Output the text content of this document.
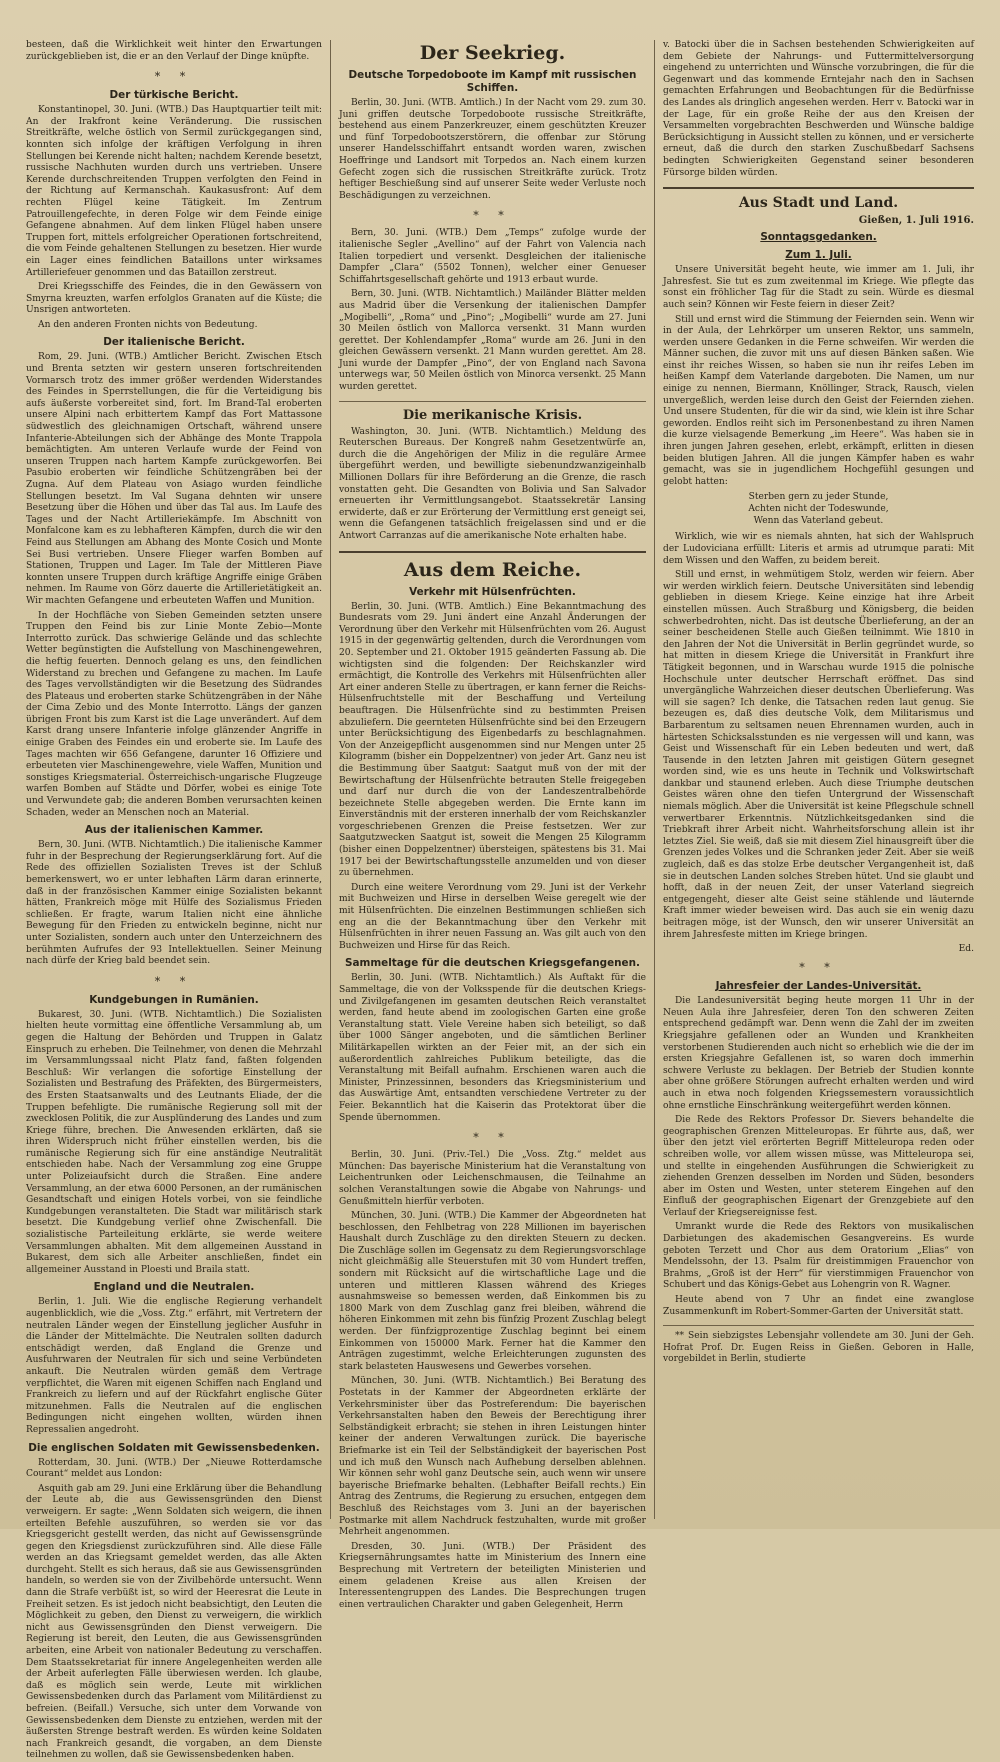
besteen, daß die Wirklichkeit weit hinter den Erwartungen zurückgeblieben ist, die er an den Verlauf der Dinge knüpfte.

* *
Der türkische Bericht.

Konstantinopel, 30. Juni. (WTB.) Das Hauptquartier teilt mit: An der Irakfront keine Veränderung. Die russischen Streitkräfte, welche östlich von Sermil zurückgegangen sind, konnten sich infolge der kräftigen Verfolgung in ihren Stellungen bei Kerende nicht halten; nachdem Kerende besetzt, russische Nachhuten wurden durch uns vertrieben. Unsere Kerende durchschreitenden Truppen verfolgten den Feind in der Richtung auf Kermanschah. Kaukasusfront: Auf dem rechten Flügel keine Tätigkeit. Im Zentrum Patrouillengefechte, in deren Folge wir dem Feinde einige Gefangene abnahmen. Auf dem linken Flügel haben unsere Truppen fort, mittels erfolgreicher Operationen fortschreitend, die vom Feinde gehaltenen Stellungen zu besetzen. Hier wurde ein Lager eines feindlichen Bataillons unter wirksames Artilleriefeuer genommen und das Bataillon zerstreut.

Drei Kriegsschiffe des Feindes, die in den Gewässern von Smyrna kreuzten, warfen erfolglos Granaten auf die Küste; die Unsrigen antworteten.

An den anderen Fronten nichts von Bedeutung.

Der italienische Bericht.

Rom, 29. Juni. (WTB.) Amtlicher Bericht. Zwischen Etsch und Brenta setzten wir gestern unseren fortschreitenden Vormarsch trotz des immer größer werdenden Widerstandes des Feindes in Sperrstellungen, die für die Verteidigung bis aufs äußerste vorbereitet sind, fort. Im Brand-Tal eroberten unsere Alpini nach erbittertem Kampf das Fort Mattassone südwestlich des gleichnamigen Ortschaft, während unsere Infanterie-Abteilungen sich der Abhänge des Monte Trappola bemächtigten. Am unteren Verlaufe wurde der Feind von unseren Truppen nach hartem Kampfe zurückgeworfen. Bei Pasubio eroberten wir feindliche Schützengräben bei der Zugna. Auf dem Plateau von Asiago wurden feindliche Stellungen besetzt. Im Val Sugana dehnten wir unsere Besetzung über die Höhen und über das Tal aus. Im Laufe des Tages und der Nacht Artilleriekämpfe. Im Abschnitt von Monfalcone kam es zu lebhafteren Kämpfen, durch die wir den Feind aus Stellungen am Abhang des Monte Cosich und Monte Sei Busi vertrieben. Unsere Flieger warfen Bomben auf Stationen, Truppen und Lager. Im Tale der Mittleren Piave konnten unsere Truppen durch kräftige Angriffe einige Gräben nehmen. Im Raume von Görz dauerte die Artillerietätigkeit an. Wir machten Gefangene und erbeuteten Waffen und Munition.

In der Hochfläche von Sieben Gemeinden setzten unsere Truppen den Feind bis zur Linie Monte Zebio—Monte Interrotto zurück. Das schwierige Gelände und das schlechte Wetter begünstigten die Aufstellung von Maschinengewehren, die heftig feuerten. Dennoch gelang es uns, den feindlichen Widerstand zu brechen und Gefangene zu machen. Im Laufe des Tages vervollständigten wir die Besetzung des Südrandes des Plateaus und eroberten starke Schützengräben in der Nähe der Cima Zebio und des Monte Interrotto. Längs der ganzen übrigen Front bis zum Karst ist die Lage unverändert. Auf dem Karst drang unsere Infanterie infolge glänzender Angriffe in einige Graben des Feindes ein und eroberte sie. Im Laufe des Tages machten wir 656 Gefangene, darunter 16 Offiziere und erbeuteten vier Maschinengewehre, viele Waffen, Munition und sonstiges Kriegsmaterial. Österreichisch-ungarische Flugzeuge warfen Bomben auf Städte und Dörfer, wobei es einige Tote und Verwundete gab; die anderen Bomben verursachten keinen Schaden, weder an Menschen noch an Material.

Aus der italienischen Kammer.

Bern, 30. Juni. (WTB. Nichtamtlich.) Die italienische Kammer fuhr in der Besprechung der Regierungserklärung fort. Auf die Rede des offiziellen Sozialisten Treves ist der Schluß bemerkenswert, wo er unter lebhaften Lärm daran erinnerte, daß in der französischen Kammer einige Sozialisten bekannt hätten, Frankreich möge mit Hülfe des Sozialismus Frieden schließen. Er fragte, warum Italien nicht eine ähnliche Bewegung für den Frieden zu entwickeln beginne, nicht nur unter Sozialisten, sondern auch unter den Unterzeichnern des berühmten Aufrufes der 93 Intellektuellen. Seiner Meinung nach dürfe der Krieg bald beendet sein.

* *
Kundgebungen in Rumänien.

Bukarest, 30. Juni. (WTB. Nichtamtlich.) Die Sozialisten hielten heute vormittag eine öffentliche Versammlung ab, um gegen die Haltung der Behörden und Truppen in Galatz Einspruch zu erheben. Die Teilnehmer, von denen die Mehrzahl im Versammlungssaal nicht Platz fand, faßten folgenden Beschluß: Wir verlangen die sofortige Einstellung der Sozialisten und Bestrafung des Präfekten, des Bürgermeisters, des Ersten Staatsanwalts und des Leutnants Eliade, der die Truppen befehligte. Die rumänische Regierung soll mit der zwecklosen Politik, die zur Ausplünderung des Landes und zum Kriege führe, brechen. Die Anwesenden erklärten, daß sie ihren Widerspruch nicht früher einstellen werden, bis die rumänische Regierung sich für eine anständige Neutralität entschieden habe. Nach der Versammlung zog eine Gruppe unter Polizeiaufsicht durch die Straßen. Eine andere Versammlung, an der etwa 6000 Personen, an der rumänischen Gesandtschaft und einigen Hotels vorbei, von sie feindliche Kundgebungen veranstalteten. Die Stadt war militärisch stark besetzt. Die Kundgebung verlief ohne Zwischenfall. Die sozialistische Parteileitung erklärte, sie werde weitere Versammlungen abhalten. Mit dem allgemeinen Ausstand in Bukarest, dem sich alle Arbeiter anschließen, findet ein allgemeiner Ausstand in Ploesti und Braila statt.

England und die Neutralen.

Berlin, 1. Juli. Wie die englische Regierung verhandelt augenblicklich, wie die „Voss. Ztg.“ erfährt, mit Vertretern der neutralen Länder wegen der Einstellung jeglicher Ausfuhr in die Länder der Mittelmächte. Die Neutralen sollten dadurch entschädigt werden, daß England die Grenze und Ausfuhrwaren der Neutralen für sich und seine Verbündeten ankauft. Die Neutralen würden gemäß dem Vertrage verpflichtet, die Waren mit eigenen Schiffen nach England und Frankreich zu liefern und auf der Rückfahrt englische Güter mitzunehmen. Falls die Neutralen auf die englischen Bedingungen nicht eingehen wollten, würden ihnen Repressalien angedroht.

Die englischen Soldaten mit Gewissensbedenken.

Rotterdam, 30. Juni. (WTB.) Der „Nieuwe Rotterdamsche Courant“ meldet aus London:

Asquith gab am 29. Juni eine Erklärung über die Behandlung der Leute ab, die aus Gewissensgründen den Dienst verweigern. Er sagte: „Wenn Soldaten sich weigern, die ihnen erteilten Befehle auszuführen, so werden sie vor das Kriegsgericht gestellt werden, das nicht auf Gewissensgründe gegen den Kriegsdienst zurückzuführen sind. Alle diese Fälle werden an das Kriegsamt gemeldet werden, das alle Akten durchgeht. Stellt es sich heraus, daß sie aus Gewissensgründen handeln, so werden sie von der Zivilbehörde untersucht. Wenn dann die Strafe verbüßt ist, so wird der Heeresrat die Leute in Freiheit setzen. Es ist jedoch nicht beabsichtigt, den Leuten die Möglichkeit zu geben, den Dienst zu verweigern, die wirklich nicht aus Gewissensgründen den Dienst verweigern. Die Regierung ist bereit, den Leuten, die aus Gewissensgründen arbeiten, eine Arbeit von nationaler Bedeutung zu verschaffen. Dem Staatssekretariat für innere Angelegenheiten werden alle der Arbeit auferlegten Fälle überwiesen werden. Ich glaube, daß es möglich sein werde, Leute mit wirklichen Gewissensbedenken durch das Parlament vom Militärdienst zu befreien. (Beifall.) Versuche, sich unter dem Vorwande von Gewissensbedenken dem Dienste zu entziehen, werden mit der äußersten Strenge bestraft werden. Es würden keine Soldaten nach Frankreich gesandt, die vorgaben, an dem Dienste teilnehmen zu wollen, daß sie Gewissensbedenken haben.

Der Seekrieg.
Deutsche Torpedoboote im Kampf mit russischen Schiffen.

Berlin, 30. Juni. (WTB. Amtlich.) In der Nacht vom 29. zum 30. Juni griffen deutsche Torpedoboote russische Streitkräfte, bestehend aus einem Panzerkreuzer, einem geschützten Kreuzer und fünf Torpedobootszerstörern, die offenbar zur Störung unserer Handelsschiffahrt entsandt worden waren, zwischen Hoeffringe und Landsort mit Torpedos an. Nach einem kurzen Gefecht zogen sich die russischen Streitkräfte zurück. Trotz heftiger Beschießung sind auf unserer Seite weder Verluste noch Beschädigungen zu verzeichnen.

* *

Bern, 30. Juni. (WTB.) Dem „Temps“ zufolge wurde der italienische Segler „Avellino“ auf der Fahrt von Valencia nach Italien torpediert und versenkt. Desgleichen der italienische Dampfer „Clara“ (5502 Tonnen), welcher einer Genueser Schiffahrtsgesellschaft gehörte und 1913 erbaut wurde.

Bern, 30. Juni. (WTB. Nichtamtlich.) Mailänder Blätter melden aus Madrid über die Versenkung der italienischen Dampfer „Mogibelli“, „Roma“ und „Pino“; „Mogibelli“ wurde am 27. Juni 30 Meilen östlich von Mallorca versenkt. 31 Mann wurden gerettet. Der Kohlendampfer „Roma“ wurde am 26. Juni in den gleichen Gewässern versenkt. 21 Mann wurden gerettet. Am 28. Juni wurde der Dampfer „Pino“, der von England nach Savona unterwegs war, 50 Meilen östlich von Minorca versenkt. 25 Mann wurden gerettet.

Die merikanische Krisis.

Washington, 30. Juni. (WTB. Nichtamtlich.) Meldung des Reuterschen Bureaus. Der Kongreß nahm Gesetzentwürfe an, durch die die Angehörigen der Miliz in die reguläre Armee übergeführt werden, und bewilligte siebenundzwanzigeinhalb Millionen Dollars für ihre Beförderung an die Grenze, die rasch vonstatten geht. Die Gesandten von Bolivia und San Salvador erneuerten ihr Vermittlungsangebot. Staatssekretär Lansing erwiderte, daß er zur Erörterung der Vermittlung erst geneigt sei, wenn die Gefangenen tatsächlich freigelassen sind und er die Antwort Carranzas auf die amerikanische Note erhalten habe.

Aus dem Reiche.
Verkehr mit Hülsenfrüchten.

Berlin, 30. Juni. (WTB. Amtlich.) Eine Bekanntmachung des Bundesrats vom 29. Juni ändert eine Anzahl Änderungen der Verordnung über den Verkehr mit Hülsenfrüchten vom 26. August 1915 in der gegenwärtig geltenden, durch die Verordnungen vom 20. September und 21. Oktober 1915 geänderten Fassung ab. Die wichtigsten sind die folgenden: Der Reichskanzler wird ermächtigt, die Kontrolle des Verkehrs mit Hülsenfrüchten aller Art einer anderen Stelle zu übertragen, er kann ferner die Reichs-Hülsenfruchtstelle mit der Beschaffung und Verteilung beauftragen. Die Hülsenfrüchte sind zu bestimmten Preisen abzuliefern. Die geernteten Hülsenfrüchte sind bei den Erzeugern unter Berücksichtigung des Eigenbedarfs zu beschlagnahmen. Von der Anzeigepflicht ausgenommen sind nur Mengen unter 25 Kilogramm (bisher ein Doppelzentner) von jeder Art. Ganz neu ist die Bestimmung über Saatgut: Saatgut muß von der mit der Bewirtschaftung der Hülsenfrüchte betrauten Stelle freigegeben und darf nur durch die von der Landeszentralbehörde bezeichnete Stelle abgegeben werden. Die Ernte kann im Einverständnis mit der ersteren innerhalb der vom Reichskanzler vorgeschriebenen Grenzen die Preise festsetzen. Wer zur Saatgutzwecken Saatgut ist, soweit die Mengen 25 Kilogramm (bisher einen Doppelzentner) übersteigen, spätestens bis 31. Mai 1917 bei der Bewirtschaftungsstelle anzumelden und von dieser zu übernehmen.

Durch eine weitere Verordnung vom 29. Juni ist der Verkehr mit Buchweizen und Hirse in derselben Weise geregelt wie der mit Hülsenfrüchten. Die einzelnen Bestimmungen schließen sich eng an die der Bekanntmachung über den Verkehr mit Hülsenfrüchten in ihrer neuen Fassung an. Was gilt auch von den Buchweizen und Hirse für das Reich.

Sammeltage für die deutschen Kriegsgefangenen.

Berlin, 30. Juni. (WTB. Nichtamtlich.) Als Auftakt für die Sammeltage, die von der Volksspende für die deutschen Kriegs- und Zivilgefangenen im gesamten deutschen Reich veranstaltet werden, fand heute abend im zoologischen Garten eine große Veranstaltung statt. Viele Vereine haben sich beteiligt, so daß über 1000 Sänger angeboten, und die sämtlichen Berliner Militärkapellen wirkten an der Feier mit, an der sich ein außerordentlich zahlreiches Publikum beteiligte, das die Veranstaltung mit Beifall aufnahm. Erschienen waren auch die Minister, Prinzessinnen, besonders das Kriegsministerium und das Auswärtige Amt, entsandten verschiedene Vertreter zu der Feier. Bekanntlich hat die Kaiserin das Protektorat über die Spende übernommen.

* *

Berlin, 30. Juni. (Priv.-Tel.) Die „Voss. Ztg.“ meldet aus München: Das bayerische Ministerium hat die Veranstaltung von Leichentrunken oder Leichenschmausen, die Teilnahme an solchen Veranstaltungen sowie die Abgabe von Nahrungs- und Genußmitteln hierfür verboten.

München, 30. Juni. (WTB.) Die Kammer der Abgeordneten hat beschlossen, den Fehlbetrag von 228 Millionen im bayerischen Haushalt durch Zuschläge zu den direkten Steuern zu decken. Die Zuschläge sollen im Gegensatz zu dem Regierungsvorschlage nicht gleichmäßig alle Steuerstufen mit 30 vom Hundert treffen, sondern mit Rücksicht auf die wirtschaftliche Lage und die unteren und mittleren Klassen während des Krieges ausnahmsweise so bemessen werden, daß Einkommen bis zu 1800 Mark von dem Zuschlag ganz frei bleiben, während die höheren Einkommen mit zehn bis fünfzig Prozent Zuschlag belegt werden. Der fünfzigprozentige Zuschlag beginnt bei einem Einkommen von 150000 Mark. Ferner hat die Kammer den Anträgen zugestimmt, welche Erleichterungen zugunsten des stark belasteten Hauswesens und Gewerbes vorsehen.

München, 30. Juni. (WTB. Nichtamtlich.) Bei Beratung des Postetats in der Kammer der Abgeordneten erklärte der Verkehrsminister über das Postreferendum: Die bayerischen Verkehrsanstalten haben den Beweis der Berechtigung ihrer Selbständigkeit erbracht; sie stehen in ihren Leistungen hinter keiner der anderen Verwaltungen zurück. Die bayerische Briefmarke ist ein Teil der Selbständigkeit der bayerischen Post und ich muß den Wunsch nach Aufhebung derselben ablehnen. Wir können sehr wohl ganz Deutsche sein, auch wenn wir unsere bayerische Briefmarke behalten. (Lebhafter Beifall rechts.) Ein Antrag des Zentrums, die Regierung zu ersuchen, entgegen dem Beschluß des Reichstages vom 3. Juni an der bayerischen Postmarke mit allem Nachdruck festzuhalten, wurde mit großer Mehrheit angenommen.

Dresden, 30. Juni. (WTB.) Der Präsident des Kriegsernährungsamtes hatte im Ministerium des Innern eine Besprechung mit Vertretern der beteiligten Ministerien und einem geladenen Kreise aus allen Kreisen der Interessentengruppen des Landes. Die Besprechungen trugen einen vertraulichen Charakter und gaben Gelegenheit, Herrn

v. Batocki über die in Sachsen bestehenden Schwierigkeiten auf dem Gebiete der Nahrungs- und Futtermittelversorgung eingehend zu unterrichten und Wünsche vorzubringen, die für die Gegenwart und das kommende Erntejahr nach den in Sachsen gemachten Erfahrungen und Beobachtungen für die Bedürfnisse des Landes als dringlich angesehen werden. Herr v. Batocki war in der Lage, für ein große Reihe der aus den Kreisen der Versammelten vorgebrachten Beschwerden und Wünsche baldige Berücksichtigung in Aussicht stellen zu können, und er versicherte erneut, daß die durch den starken Zuschußbedarf Sachsens bedingten Schwierigkeiten Gegenstand seiner besonderen Fürsorge bilden würden.

Aus Stadt und Land.
Gießen, 1. Juli 1916.
Sonntagsgedanken.
Zum 1. Juli.

Unsere Universität begeht heute, wie immer am 1. Juli, ihr Jahresfest. Sie tut es zum zweitenmal im Kriege. Wie pflegte das sonst ein fröhlicher Tag für die Stadt zu sein. Würde es diesmal auch sein? Können wir Feste feiern in dieser Zeit?

Still und ernst wird die Stimmung der Feiernden sein. Wenn wir in der Aula, der Lehrkörper um unseren Rektor, uns sammeln, werden unsere Gedanken in die Ferne schweifen. Wir werden die Männer suchen, die zuvor mit uns auf diesen Bänken saßen. Wie einst ihr reiches Wissen, so haben sie nun ihr reifes Leben im heißen Kampf dem Vaterlande dargeboten. Die Namen, um nur einige zu nennen, Biermann, Knöllinger, Strack, Rausch, vielen unvergeßlich, werden leise durch den Geist der Feiernden ziehen. Und unsere Studenten, für die wir da sind, wie klein ist ihre Schar geworden. Endlos reiht sich im Personenbestand zu ihren Namen die kurze vielsagende Bemerkung „im Heere“. Was haben sie in ihren jungen Jahren gesehen, erlebt, erkämpft, erlitten in diesen beiden blutigen Jahren. All die jungen Kämpfer haben es wahr gemacht, was sie in jugendlichem Hochgefühl gesungen und gelobt hatten:

Sterben gern zu jeder Stunde,
Achten nicht der Todeswunde,
Wenn das Vaterland gebeut.

Wirklich, wie wir es niemals ahnten, hat sich der Wahlspruch der Ludoviciana erfüllt: Literis et armis ad utrumque parati: Mit dem Wissen und den Waffen, zu beidem bereit.

Still und ernst, in wehmütigem Stolz, werden wir feiern. Aber wir werden wirklich feiern. Deutsche Universitäten sind lebendig geblieben in diesem Kriege. Keine einzige hat ihre Arbeit einstellen müssen. Auch Straßburg und Königsberg, die beiden schwerbedrohten, nicht. Das ist deutsche Überlieferung, an der an seiner bescheidenen Stelle auch Gießen teilnimmt. Wie 1810 in den Jahren der Not die Universität in Berlin gegründet wurde, so hat mitten in diesem Kriege die Universität in Frankfurt ihre Tätigkeit begonnen, und in Warschau wurde 1915 die polnische Hochschule unter deutscher Herrschaft eröffnet. Das sind unvergängliche Wahrzeichen dieser deutschen Überlieferung. Was will sie sagen? Ich denke, die Tatsachen reden laut genug. Sie bezeugen es, daß dies deutsche Volk, dem Militarismus und Barbarentum zu seltsamen neuen Ehrennamen wurden, auch in härtesten Schicksalsstunden es nie vergessen will und kann, was Geist und Wissenschaft für ein Leben bedeuten und wert, daß Tausende in den letzten Jahren mit geistigen Gütern gesegnet worden sind, wie es uns heute in Technik und Volkswirtschaft dankbar und staunend erleben. Auch diese Triumphe deutschen Geistes wären ohne den tiefen Untergrund der Wissenschaft niemals möglich. Aber die Universität ist keine Pflegschule schnell verwertbarer Erkenntnis. Nützlichkeitsgedanken sind die Triebkraft ihrer Arbeit nicht. Wahrheitsforschung allein ist ihr letztes Ziel. Sie weiß, daß sie mit diesem Ziel hinausgreift über die Grenzen jedes Volkes und die Schranken jeder Zeit. Aber sie weiß zugleich, daß es das stolze Erbe deutscher Vergangenheit ist, daß sie in deutschen Landen solches Streben hütet. Und sie glaubt und hofft, daß in der neuen Zeit, der unser Vaterland siegreich entgegengeht, dieser alte Geist seine stählende und läuternde Kraft immer wieder beweisen wird. Das auch sie ein wenig dazu beitragen möge, ist der Wunsch, den wir unserer Universität an ihrem Jahresfeste mitten im Kriege bringen.

Ed.
* *
Jahresfeier der Landes-Universität.

Die Landesuniversität beging heute morgen 11 Uhr in der Neuen Aula ihre Jahresfeier, deren Ton den schweren Zeiten entsprechend gedämpft war. Denn wenn die Zahl der im zweiten Kriegsjahre gefallenen oder an Wunden und Krankheiten verstorbenen Studierenden auch nicht so erheblich wie die der im ersten Kriegsjahre Gefallenen ist, so waren doch immerhin schwere Verluste zu beklagen. Der Betrieb der Studien konnte aber ohne größere Störungen aufrecht erhalten werden und wird auch in etwa noch folgenden Kriegssemestern voraussichtlich ohne ernstliche Einschränkung weitergeführt werden können.

Die Rede des Rektors Professor Dr. Sievers behandelte die geographischen Grenzen Mitteleuropas. Er führte aus, daß, wer über den jetzt viel erörterten Begriff Mitteleuropa reden oder schreiben wolle, vor allem wissen müsse, was Mitteleuropa sei, und stellte in eingehenden Ausführungen die Schwierigkeit zu ziehenden Grenzen desselben im Norden und Süden, besonders aber im Osten und Westen, unter steterem Eingehen auf den Einfluß der geographischen Eigenart der Grenzgebiete auf den Verlauf der Kriegsereignisse fest.

Umrankt wurde die Rede des Rektors von musikalischen Darbietungen des akademischen Gesangvereins. Es wurde geboten Terzett und Chor aus dem Oratorium „Elias“ von Mendelssohn, der 13. Psalm für dreistimmigen Frauenchor von Brahms, „Groß ist der Herr“ für vierstimmigen Frauenchor von Schubert und das Königs-Gebet aus Lohengrin von R. Wagner.

Heute abend von 7 Uhr an findet eine zwanglose Zusammenkunft im Robert-Sommer-Garten der Universität statt.

** Sein siebzigstes Lebensjahr vollendete am 30. Juni der Geh. Hofrat Prof. Dr. Eugen Reiss in Gießen. Geboren in Halle, vorgebildet in Berlin, studierte
